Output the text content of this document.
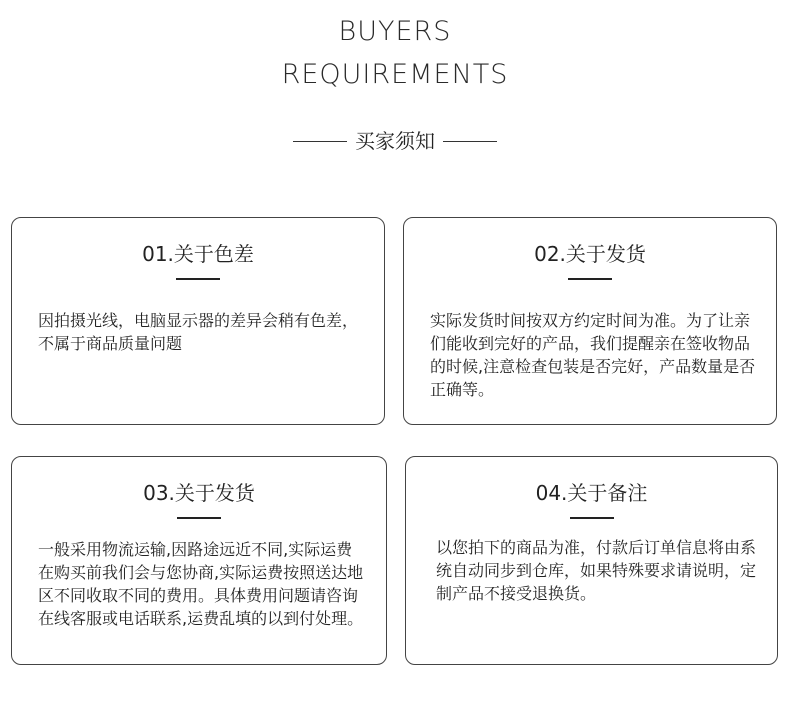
BUYERS
REQUIREMENTS
买家须知
01.关于色差
因拍摄光线，电脑显示器的差异会稍有色差，不属于商品质量问题
02.关于发货
实际发货时间按双方约定时间为准。为了让亲们能收到完好的产品，我们提醒亲在签收物品的时候,注意检查包装是否完好，产品数量是否正确等。
03.关于发货
一般采用物流运输,因路途远近不同,实际运费在购买前我们会与您协商,实际运费按照送达地区不同收取不同的费用。具体费用问题请咨询在线客服或电话联系,运费乱填的以到付处理。
04.关于备注
以您拍下的商品为准，付款后订单信息将由系统自动同步到仓库，如果特殊要求请说明，定制产品不接受退换货。
